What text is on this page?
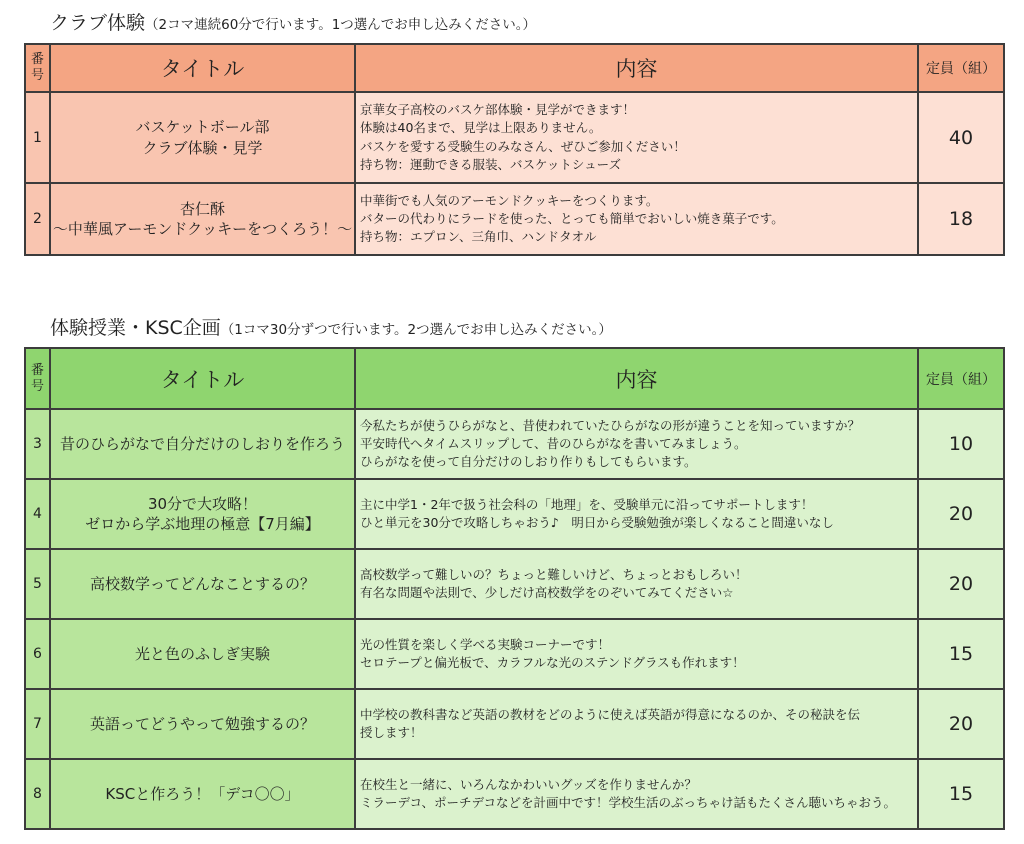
クラブ体験（2コマ連続60分で行います。1つ選んでお申し込みください。）
番
号	タイトル	内容	定員（組）
1	バスケットボール部
クラブ体験・見学	京華女子高校のバスケ部体験・見学ができます！
体験は40名まで、見学は上限ありません。
バスケを愛する受験生のみなさん、ぜひご参加ください！
持ち物：運動できる服装、バスケットシューズ	40
2	杏仁酥
～中華風アーモンドクッキーをつくろう！～	中華街でも人気のアーモンドクッキーをつくります。
バターの代わりにラードを使った、とっても簡単でおいしい焼き菓子です。
持ち物：エプロン、三角巾、ハンドタオル	18
体験授業・KSC企画（1コマ30分ずつで行います。2つ選んでお申し込みください。）
番
号	タイトル	内容	定員（組）
3	昔のひらがなで自分だけのしおりを作ろう	今私たちが使うひらがなと、昔使われていたひらがなの形が違うことを知っていますか？
平安時代へタイムスリップして、昔のひらがなを書いてみましょう。
ひらがなを使って自分だけのしおり作りもしてもらいます。	10
4	30分で大攻略！
ゼロから学ぶ地理の極意【7月編】	主に中学1・2年で扱う社会科の「地理」を、受験単元に沿ってサポートします！
ひと単元を30分で攻略しちゃおう♪　明日から受験勉強が楽しくなること間違いなし	20
5	高校数学ってどんなことするの？	高校数学って難しいの？ちょっと難しいけど、ちょっとおもしろい！
有名な問題や法則で、少しだけ高校数学をのぞいてみてください☆	20
6	光と色のふしぎ実験	光の性質を楽しく学べる実験コーナーです！
セロテープと偏光板で、カラフルな光のステンドグラスも作れます！	15
7	英語ってどうやって勉強するの？	中学校の教科書など英語の教材をどのように使えば英語が得意になるのか、その秘訣を伝
授します！	20
8	KSCと作ろう！「デコ〇〇」	在校生と一緒に、いろんなかわいいグッズを作りませんか？
ミラーデコ、ポーチデコなどを計画中です！学校生活のぶっちゃけ話もたくさん聴いちゃおう。	15
